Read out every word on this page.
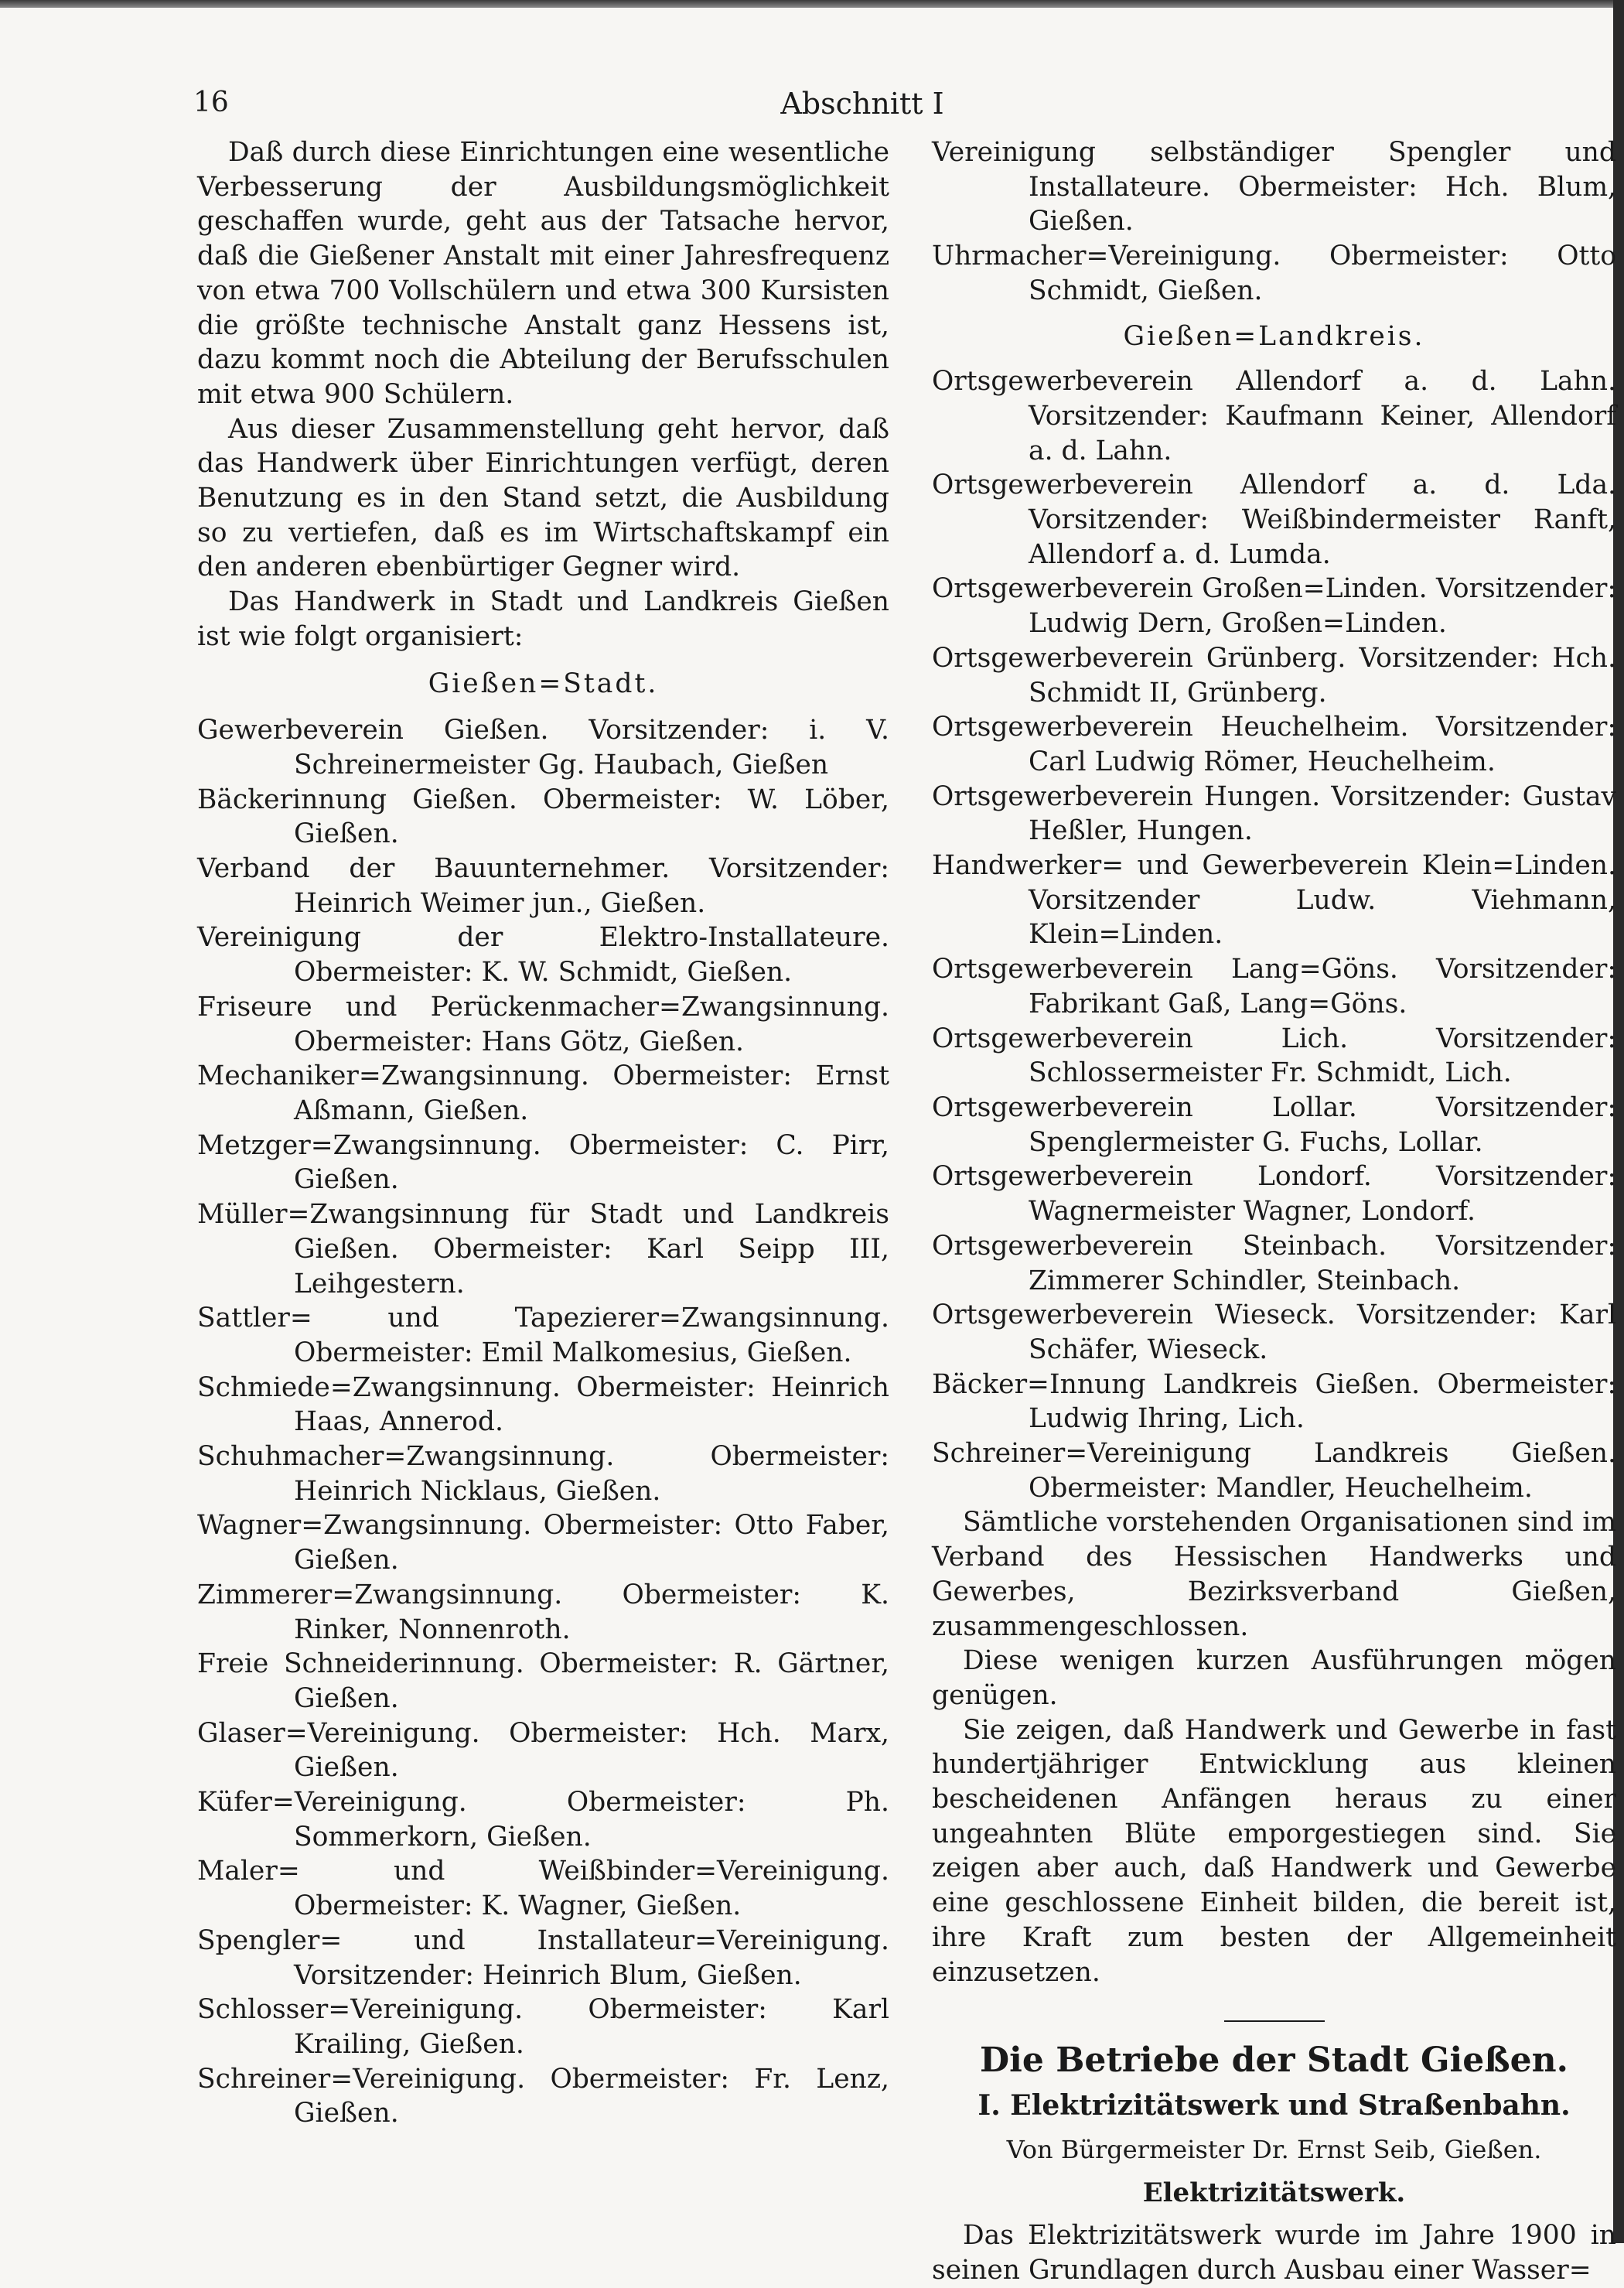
Abschnitt I
16

Daß durch diese Einrichtungen eine wesentliche Verbesserung der Ausbildungsmöglichkeit geschaffen wurde, geht aus der Tatsache hervor, daß die Gießener Anstalt mit einer Jahresfrequenz von etwa 700 Vollschülern und etwa 300 Kursisten die größte technische Anstalt ganz Hessens ist, dazu kommt noch die Abteilung der Berufsschulen mit etwa 900 Schülern.

Aus dieser Zusammenstellung geht hervor, daß das Handwerk über Einrichtungen verfügt, deren Benutzung es in den Stand setzt, die Ausbildung so zu vertiefen, daß es im Wirtschaftskampf ein den anderen ebenbürtiger Gegner wird.

Das Handwerk in Stadt und Landkreis Gießen ist wie folgt organisiert:

Gießen=Stadt.

Gewerbeverein Gießen. Vorsitzender: i. V. Schreinermeister Gg. Haubach, Gießen

Bäckerinnung Gießen. Obermeister: W. Löber, Gießen.

Verband der Bauunternehmer. Vorsitzender: Heinrich Weimer jun., Gießen.

Vereinigung der Elektro-Installateure. Obermeister: K. W. Schmidt, Gießen.

Friseure und Perückenmacher=Zwangsinnung. Obermeister: Hans Götz, Gießen.

Mechaniker=Zwangsinnung. Obermeister: Ernst Aßmann, Gießen.

Metzger=Zwangsinnung. Obermeister: C. Pirr, Gießen.

Müller=Zwangsinnung für Stadt und Landkreis Gießen. Obermeister: Karl Seipp III, Leihgestern.

Sattler= und Tapezierer=Zwangsinnung. Obermeister: Emil Malkomesius, Gießen.

Schmiede=Zwangsinnung. Obermeister: Heinrich Haas, Annerod.

Schuhmacher=Zwangsinnung. Obermeister: Heinrich Nicklaus, Gießen.

Wagner=Zwangsinnung. Obermeister: Otto Faber, Gießen.

Zimmerer=Zwangsinnung. Obermeister: K. Rinker, Nonnenroth.

Freie Schneiderinnung. Obermeister: R. Gärtner, Gießen.

Glaser=Vereinigung. Obermeister: Hch. Marx, Gießen.

Küfer=Vereinigung. Obermeister: Ph. Sommerkorn, Gießen.

Maler= und Weißbinder=Vereinigung. Obermeister: K. Wagner, Gießen.

Spengler= und Installateur=Vereinigung. Vorsitzender: Heinrich Blum, Gießen.

Schlosser=Vereinigung. Obermeister: Karl Krailing, Gießen.

Schreiner=Vereinigung. Obermeister: Fr. Lenz, Gießen.

Vereinigung selbständiger Spengler und Installateure. Obermeister: Hch. Blum, Gießen.

Uhrmacher=Vereinigung. Obermeister: Otto Schmidt, Gießen.

Gießen=Landkreis.

Ortsgewerbeverein Allendorf a. d. Lahn. Vorsitzender: Kaufmann Keiner, Allendorf a. d. Lahn.

Ortsgewerbeverein Allendorf a. d. Lda. Vorsitzender: Weißbindermeister Ranft, Allendorf a. d. Lumda.

Ortsgewerbeverein Großen=Linden. Vorsitzender: Ludwig Dern, Großen=Linden.

Ortsgewerbeverein Grünberg. Vorsitzender: Hch. Schmidt II, Grünberg.

Ortsgewerbeverein Heuchelheim. Vorsitzender: Carl Ludwig Römer, Heuchelheim.

Ortsgewerbeverein Hungen. Vorsitzender: Gustav Heßler, Hungen.

Handwerker= und Gewerbeverein Klein=Linden. Vorsitzender Ludw. Viehmann, Klein=Linden.

Ortsgewerbeverein Lang=Göns. Vorsitzender: Fabrikant Gaß, Lang=Göns.

Ortsgewerbeverein Lich. Vorsitzender: Schlossermeister Fr. Schmidt, Lich.

Ortsgewerbeverein Lollar. Vorsitzender: Spenglermeister G. Fuchs, Lollar.

Ortsgewerbeverein Londorf. Vorsitzender: Wagnermeister Wagner, Londorf.

Ortsgewerbeverein Steinbach. Vorsitzender: Zimmerer Schindler, Steinbach.

Ortsgewerbeverein Wieseck. Vorsitzender: Karl Schäfer, Wieseck.

Bäcker=Innung Landkreis Gießen. Obermeister: Ludwig Ihring, Lich.

Schreiner=Vereinigung Landkreis Gießen. Obermeister: Mandler, Heuchelheim.

Sämtliche vorstehenden Organisationen sind im Verband des Hessischen Handwerks und Gewerbes, Bezirksverband Gießen, zusammengeschlossen.

Diese wenigen kurzen Ausführungen mögen genügen.

Sie zeigen, daß Handwerk und Gewerbe in fast hundertjähriger Entwicklung aus kleinen bescheidenen Anfängen heraus zu einer ungeahnten Blüte emporgestiegen sind. Sie zeigen aber auch, daß Handwerk und Gewerbe eine geschlossene Einheit bilden, die bereit ist, ihre Kraft zum besten der Allgemeinheit einzusetzen.

Die Betriebe der Stadt Gießen.

I. Elektrizitätswerk und Straßenbahn.

Von Bürgermeister Dr. Ernst Seib, Gießen.

Elektrizitätswerk.

Das Elektrizitätswerk wurde im Jahre 1900 in seinen Grundlagen durch Ausbau einer Wasser=
